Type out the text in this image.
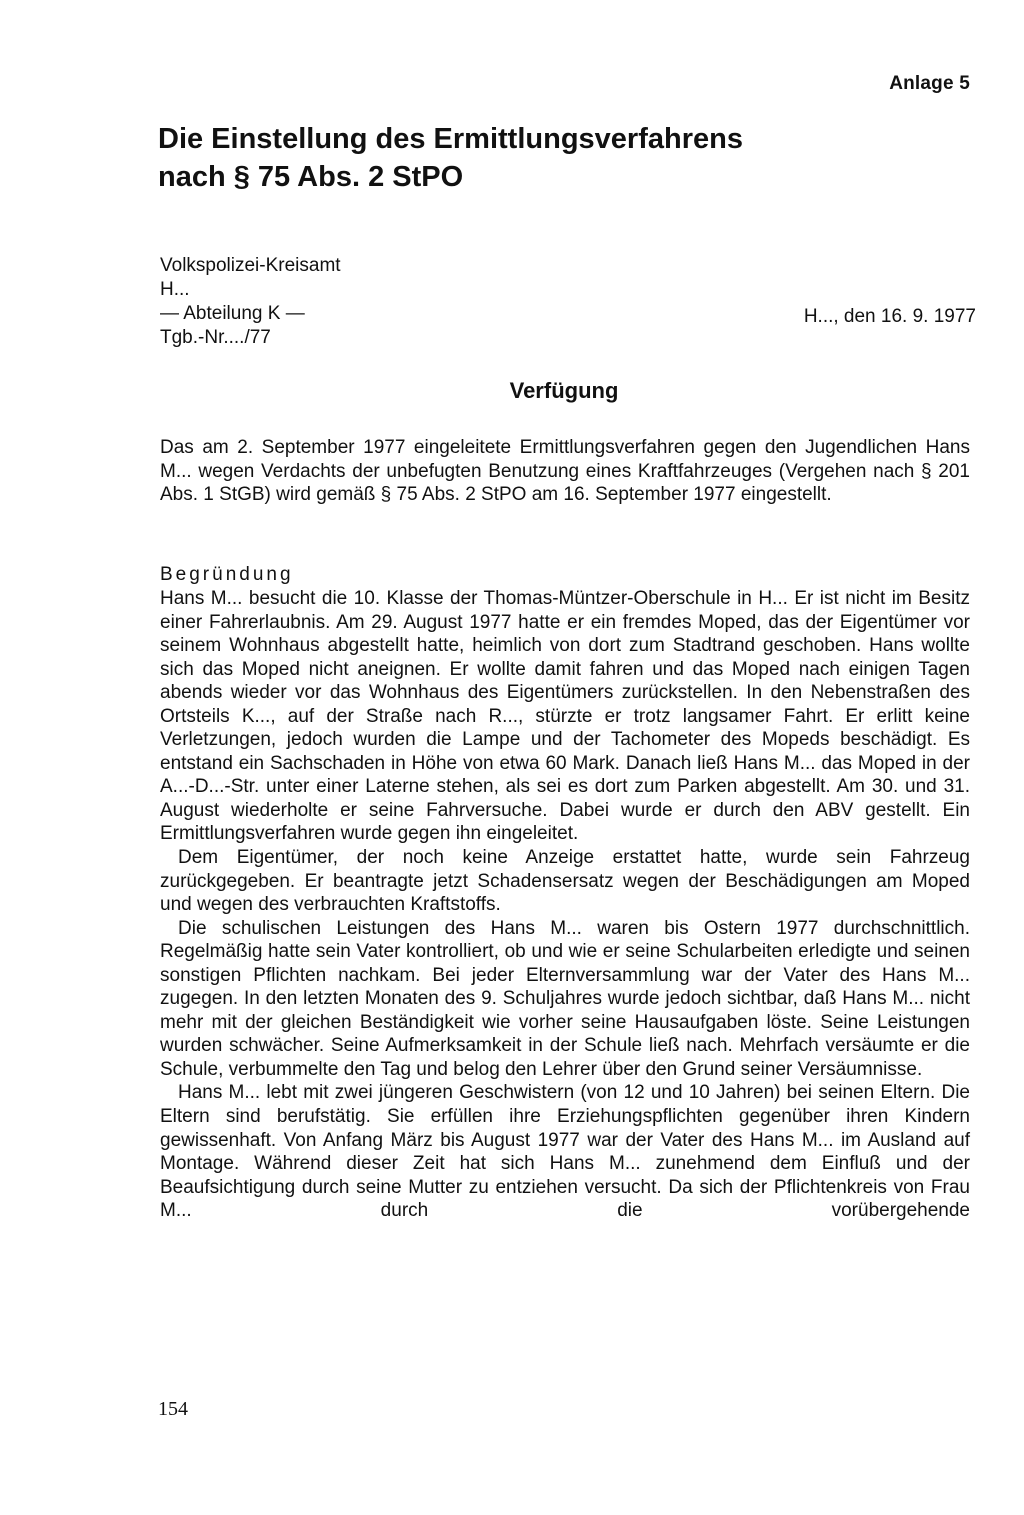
Anlage 5
Die Einstellung des Ermittlungsverfahrens
nach § 75 Abs. 2 StPO
Volkspolizei-Kreisamt
H...
— Abteilung K —
Tgb.-Nr..../77
H..., den 16. 9. 1977
Verfügung

Das am 2. September 1977 eingeleitete Ermittlungsverfahren gegen den Jugendlichen Hans M... wegen Verdachts der unbefugten Benutzung eines Kraftfahrzeuges (Vergehen nach § 201 Abs. 1 StGB) wird gemäß § 75 Abs. 2 StPO am 16. September 1977 eingestellt.

Begründung

Hans M... besucht die 10. Klasse der Thomas-Müntzer-Oberschule in H... Er ist nicht im Besitz einer Fahrerlaubnis. Am 29. August 1977 hatte er ein fremdes Moped, das der Eigentümer vor seinem Wohnhaus abgestellt hatte, heimlich von dort zum Stadtrand geschoben. Hans wollte sich das Moped nicht aneignen. Er wollte damit fahren und das Moped nach einigen Tagen abends wieder vor das Wohnhaus des Eigentümers zurückstellen. In den Nebenstraßen des Ortsteils K..., auf der Straße nach R..., stürzte er trotz langsamer Fahrt. Er erlitt keine Verletzungen, jedoch wurden die Lampe und der Tachometer des Mopeds beschädigt. Es entstand ein Sachschaden in Höhe von etwa 60 Mark. Danach ließ Hans M... das Moped in der A...-D...-Str. unter einer Laterne stehen, als sei es dort zum Parken abgestellt. Am 30. und 31. August wiederholte er seine Fahrversuche. Dabei wurde er durch den ABV gestellt. Ein Ermittlungsverfahren wurde gegen ihn eingeleitet.

Dem Eigentümer, der noch keine Anzeige erstattet hatte, wurde sein Fahrzeug zurückgegeben. Er beantragte jetzt Schadensersatz wegen der Beschädigungen am Moped und wegen des verbrauchten Kraftstoffs.

Die schulischen Leistungen des Hans M... waren bis Ostern 1977 durchschnittlich. Regelmäßig hatte sein Vater kontrolliert, ob und wie er seine Schularbeiten erledigte und seinen sonstigen Pflichten nachkam. Bei jeder Elternversammlung war der Vater des Hans M... zugegen. In den letzten Monaten des 9. Schuljahres wurde jedoch sichtbar, daß Hans M... nicht mehr mit der gleichen Beständigkeit wie vorher seine Hausaufgaben löste. Seine Leistungen wurden schwächer. Seine Aufmerksamkeit in der Schule ließ nach. Mehrfach versäumte er die Schule, verbummelte den Tag und belog den Lehrer über den Grund seiner Versäumnisse.

Hans M... lebt mit zwei jüngeren Geschwistern (von 12 und 10 Jahren) bei seinen Eltern. Die Eltern sind berufstätig. Sie erfüllen ihre Erziehungspflichten gegenüber ihren Kindern gewissenhaft. Von Anfang März bis August 1977 war der Vater des Hans M... im Ausland auf Montage. Während dieser Zeit hat sich Hans M... zunehmend dem Einfluß und der Beaufsichtigung durch seine Mutter zu entziehen versucht. Da sich der Pflichtenkreis von Frau M... durch die vorübergehende

154
